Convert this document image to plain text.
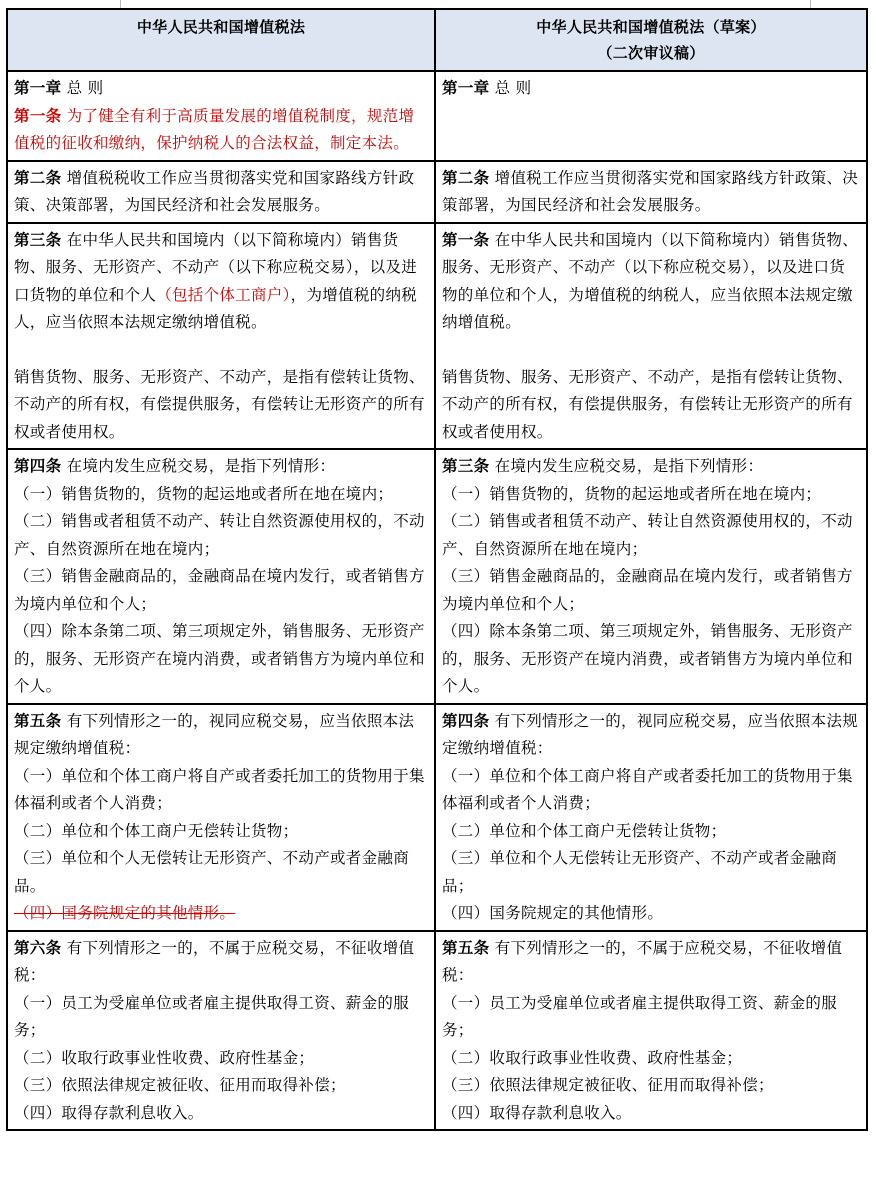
中华人民共和国增值税法	中华人民共和国增值税法（草案）
（二次审议稿）

第一章 总 则
第一条 为了健全有利于高质量发展的增值税制度，规范增值税的征收和缴纳，保护纳税人的合法权益，制定本法。	第一章 总 则

第二条 增值税税收工作应当贯彻落实党和国家路线方针政策、决策部署，为国民经济和社会发展服务。	第二条 增值税工作应当贯彻落实党和国家路线方针政策、决策部署，为国民经济和社会发展服务。

第三条 在中华人民共和国境内（以下简称境内）销售货物、服务、无形资产、不动产（以下称应税交易），以及进口货物的单位和个人（包括个体工商户），为增值税的纳税人，应当依照本法规定缴纳增值税。
销售货物、服务、无形资产、不动产，是指有偿转让货物、不动产的所有权，有偿提供服务，有偿转让无形资产的所有权或者使用权。	第一条 在中华人民共和国境内（以下简称境内）销售货物、服务、无形资产、不动产（以下称应税交易），以及进口货物的单位和个人，为增值税的纳税人，应当依照本法规定缴纳增值税。
销售货物、服务、无形资产、不动产，是指有偿转让货物、不动产的所有权，有偿提供服务，有偿转让无形资产的所有权或者使用权。

第四条 在境内发生应税交易，是指下列情形：
（一）销售货物的，货物的起运地或者所在地在境内；
（二）销售或者租赁不动产、转让自然资源使用权的，不动产、自然资源所在地在境内；
（三）销售金融商品的，金融商品在境内发行，或者销售方为境内单位和个人；
（四）除本条第二项、第三项规定外，销售服务、无形资产的，服务、无形资产在境内消费，或者销售方为境内单位和个人。	第三条 在境内发生应税交易，是指下列情形：
（一）销售货物的，货物的起运地或者所在地在境内；
（二）销售或者租赁不动产、转让自然资源使用权的，不动产、自然资源所在地在境内；
（三）销售金融商品的，金融商品在境内发行，或者销售方为境内单位和个人；
（四）除本条第二项、第三项规定外，销售服务、无形资产的，服务、无形资产在境内消费，或者销售方为境内单位和个人。

第五条 有下列情形之一的，视同应税交易，应当依照本法规定缴纳增值税：
（一）单位和个体工商户将自产或者委托加工的货物用于集体福利或者个人消费；
（二）单位和个体工商户无偿转让货物；
（三）单位和个人无偿转让无形资产、不动产或者金融商品。
（四）国务院规定的其他情形。	第四条 有下列情形之一的，视同应税交易，应当依照本法规定缴纳增值税：
（一）单位和个体工商户将自产或者委托加工的货物用于集体福利或者个人消费；
（二）单位和个体工商户无偿转让货物；
（三）单位和个人无偿转让无形资产、不动产或者金融商品；
（四）国务院规定的其他情形。

第六条 有下列情形之一的，不属于应税交易，不征收增值税：
（一）员工为受雇单位或者雇主提供取得工资、薪金的服务；
（二）收取行政事业性收费、政府性基金；
（三）依照法律规定被征收、征用而取得补偿；
（四）取得存款利息收入。	第五条 有下列情形之一的，不属于应税交易，不征收增值税：
（一）员工为受雇单位或者雇主提供取得工资、薪金的服务；
（二）收取行政事业性收费、政府性基金；
（三）依照法律规定被征收、征用而取得补偿；
（四）取得存款利息收入。
